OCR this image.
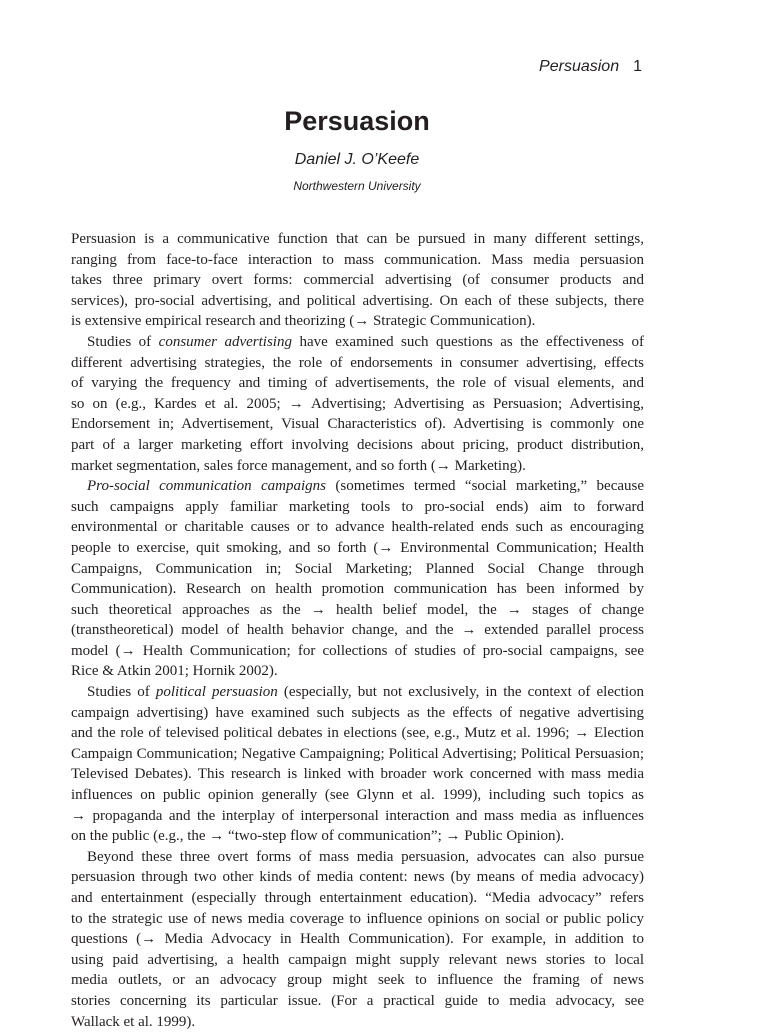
Persuasion 1
Persuasion
Daniel J. O’Keefe
Northwestern University
Persuasion is a communicative function that can be pursued in many different settings,
ranging from face-to-face interaction to mass communication. Mass media persuasion
takes three primary overt forms: commercial advertising (of consumer products and
services), pro-social advertising, and political advertising. On each of these subjects, there
is extensive empirical research and theorizing (→ Strategic Communication).
Studies of consumer advertising have examined such questions as the effectiveness of
different advertising strategies, the role of endorsements in consumer advertising, effects
of varying the frequency and timing of advertisements, the role of visual elements, and
so on (e.g., Kardes et al. 2005; → Advertising; Advertising as Persuasion; Advertising,
Endorsement in; Advertisement, Visual Characteristics of). Advertising is commonly one
part of a larger marketing effort involving decisions about pricing, product distribution,
market segmentation, sales force management, and so forth (→ Marketing).
Pro-social communication campaigns (sometimes termed “social marketing,” because
such campaigns apply familiar marketing tools to pro-social ends) aim to forward
environmental or charitable causes or to advance health-related ends such as encouraging
people to exercise, quit smoking, and so forth (→ Environmental Communication; Health
Campaigns, Communication in; Social Marketing; Planned Social Change through
Communication). Research on health promotion communication has been informed by
such theoretical approaches as the → health belief model, the → stages of change
(transtheoretical) model of health behavior change, and the → extended parallel process
model (→ Health Communication; for collections of studies of pro-social campaigns, see
Rice & Atkin 2001; Hornik 2002).
Studies of political persuasion (especially, but not exclusively, in the context of election
campaign advertising) have examined such subjects as the effects of negative advertising
and the role of televised political debates in elections (see, e.g., Mutz et al. 1996; → Election
Campaign Communication; Negative Campaigning; Political Advertising; Political Persuasion;
Televised Debates). This research is linked with broader work concerned with mass media
influences on public opinion generally (see Glynn et al. 1999), including such topics as
→ propaganda and the interplay of interpersonal interaction and mass media as influences
on the public (e.g., the → “two-step flow of communication”; → Public Opinion).
Beyond these three overt forms of mass media persuasion, advocates can also pursue
persuasion through two other kinds of media content: news (by means of media advocacy)
and entertainment (especially through entertainment education). “Media advocacy” refers
to the strategic use of news media coverage to influence opinions on social or public policy
questions (→ Media Advocacy in Health Communication). For example, in addition to
using paid advertising, a health campaign might supply relevant news stories to local
media outlets, or an advocacy group might seek to influence the framing of news
stories concerning its particular issue. (For a practical guide to media advocacy, see
Wallack et al. 1999).
